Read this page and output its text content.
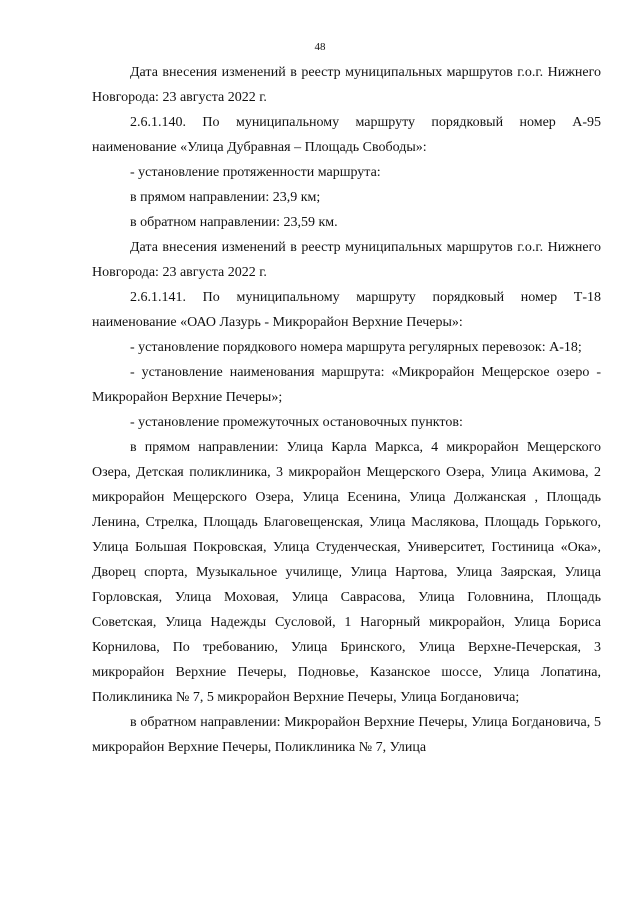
48

Дата внесения изменений в реестр муниципальных маршрутов г.о.г. Нижнего Новгорода: 23 августа 2022 г.

2.6.1.140. По муниципальному маршруту порядковый номер А-95 наименование «Улица Дубравная – Площадь Свободы»:

- установление протяженности маршрута:

в прямом направлении: 23,9 км;

в обратном направлении: 23,59 км.

Дата внесения изменений в реестр муниципальных маршрутов г.о.г. Нижнего Новгорода: 23 августа 2022 г.

2.6.1.141. По муниципальному маршруту порядковый номер Т-18 наименование «ОАО Лазурь - Микрорайон Верхние Печеры»:

- установление порядкового номера маршрута регулярных перевозок: А-18;

- установление наименования маршрута: «Микрорайон Мещерское озеро - Микрорайон Верхние Печеры»;

- установление промежуточных остановочных пунктов:

в прямом направлении: Улица Карла Маркса, 4 микрорайон Мещерского Озера, Детская поликлиника, 3 микрорайон Мещерского Озера, Улица Акимова, 2 микрорайон Мещерского Озера, Улица Есенина, Улица Должанская , Площадь Ленина, Стрелка, Площадь Благовещенская, Улица Маслякова, Площадь Горького, Улица Большая Покровская, Улица Студенческая, Университет, Гостиница «Ока», Дворец спорта, Музыкальное училище, Улица Нартова, Улица Заярская, Улица Горловская, Улица Моховая, Улица Саврасова, Улица Головнина, Площадь Советская, Улица Надежды Сусловой, 1 Нагорный микрорайон, Улица Бориса Корнилова, По требованию, Улица Бринского, Улица Верхне-Печерская, 3 микрорайон Верхние Печеры, Подновье, Казанское шоссе, Улица Лопатина, Поликлиника № 7, 5 микрорайон Верхние Печеры, Улица Богдановича;

в обратном направлении: Микрорайон Верхние Печеры, Улица Богдановича, 5 микрорайон Верхние Печеры, Поликлиника № 7, Улица
